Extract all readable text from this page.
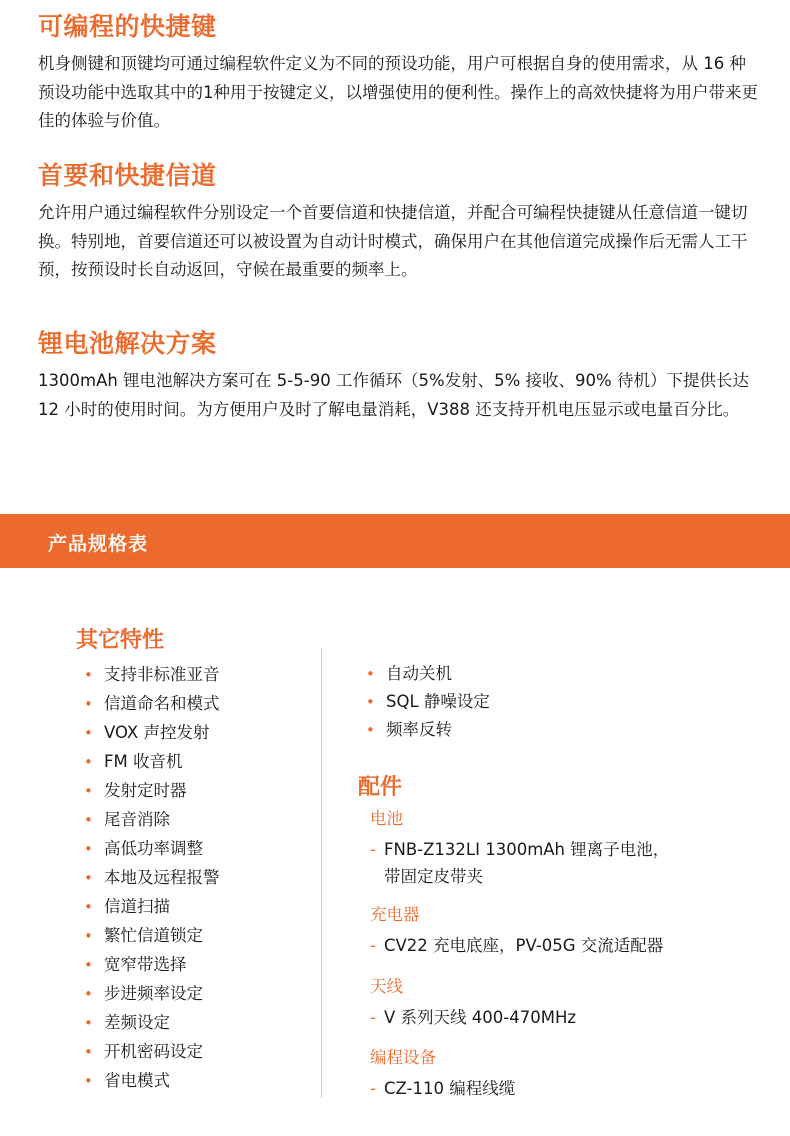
可编程的快捷键

机身侧键和顶键均可通过编程软件定义为不同的预设功能，用户可根据自身的使用需求，从 16 种预设功能中选取其中的1种用于按键定义，以增强使用的便利性。操作上的高效快捷将为用户带来更佳的体验与价值。

首要和快捷信道

允许用户通过编程软件分别设定一个首要信道和快捷信道，并配合可编程快捷键从任意信道一键切换。特别地，首要信道还可以被设置为自动计时模式，确保用户在其他信道完成操作后无需人工干预，按预设时长自动返回，守候在最重要的频率上。

锂电池解决方案

1300mAh 锂电池解决方案可在 5-5-90 工作循环（5%发射、5% 接收、90% 待机）下提供长达 12 小时的使用时间。为方便用户及时了解电量消耗，V388 还支持开机电压显示或电量百分比。

产品规格表
其它特性
• 支持非标准亚音
• 信道命名和模式
• VOX 声控发射
• FM 收音机
• 发射定时器
• 尾音消除
• 高低功率调整
• 本地及远程报警
• 信道扫描
• 繁忙信道锁定
• 宽窄带选择
• 步进频率设定
• 差频设定
• 开机密码设定
• 省电模式
• 自动关机
• SQL 静噪设定
• 频率反转
配件
电池
- FNB-Z132LI 1300mAh 锂离子电池，
带固定皮带夹
充电器
- CV22 充电底座，PV-05G 交流适配器
天线
- V 系列天线 400-470MHz
编程设备
- CZ-110 编程线缆
